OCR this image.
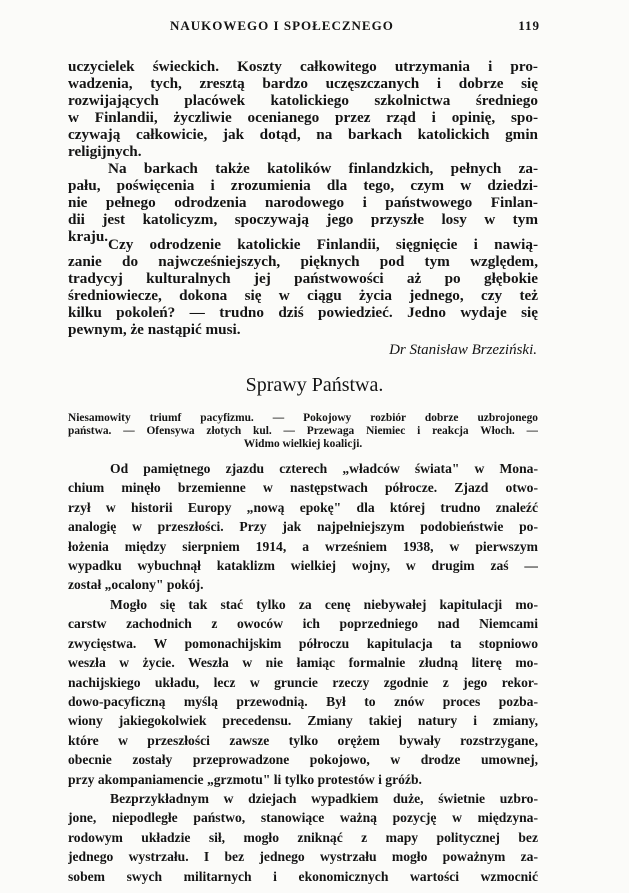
NAUKOWEGO I SPOŁECZNEGO	119
uczycielek świeckich. Koszty całkowitego utrzymania i pro-
wadzenia, tych, zresztą bardzo uczęszczanych i dobrze się
rozwijających placówek katolickiego szkolnictwa średniego
w Finlandii, życzliwie ocenianego przez rząd i opinię, spo-
czywają całkowicie, jak dotąd, na barkach katolickich gmin
religijnych.
Na barkach także katolików finlandzkich, pełnych za-
pału, poświęcenia i zrozumienia dla tego, czym w dziedzi-
nie pełnego odrodzenia narodowego i państwowego Finlan-
dii jest katolicyzm, spoczywają jego przyszłe losy w tym
kraju. Czy odrodzenie katolickie Finlandii, sięgnięcie i nawią-
zanie do najwcześniejszych, pięknych pod tym względem,
tradycyj kulturalnych jej państwowości aż po głębokie
średniowiecze, dokona się w ciągu życia jednego, czy też
kilku pokoleń? — trudno dziś powiedzieć. Jedno wydaje się
pewnym, że nastąpić musi.
Dr Stanisław Brzeziński.
Sprawy Państwa.
Niesamowity triumf pacyfizmu. — Pokojowy rozbiór dobrze uzbrojonego
państwa. — Ofensywa złotych kul. — Przewaga Niemiec i reakcja Włoch. —
Widmo wielkiej koalicji.
Od pamiętnego zjazdu czterech „władców świata" w Mona-
chium minęło brzemienne w następstwach półrocze. Zjazd otwo-
rzył w historii Europy „nową epokę" dla której trudno znaleźć
analogię w przeszłości. Przy jak najpełniejszym podobieństwie po-
łożenia między sierpniem 1914, a wrześniem 1938, w pierwszym
wypadku wybuchnął kataklizm wielkiej wojny, w drugim zaś —
został „ocalony" pokój.
Mogło się tak stać tylko za cenę niebywałej kapitulacji mo-
carstw zachodnich z owoców ich poprzedniego nad Niemcami
zwycięstwa. W pomonachijskim półroczu kapitulacja ta stopniowo
weszła w życie. Weszła w nie łamiąc formalnie złudną literę mo-
nachijskiego układu, lecz w gruncie rzeczy zgodnie z jego rekor-
dowo-pacyficzną myślą przewodnią. Był to znów proces pozba-
wiony jakiegokolwiek precedensu. Zmiany takiej natury i zmiany,
które w przeszłości zawsze tylko orężem bywały rozstrzygane,
obecnie zostały przeprowadzone pokojowo, w drodze umownej,
przy akompaniamencie „grzmotu" li tylko protestów i gróźb.
Bezprzykładnym w dziejach wypadkiem duże, świetnie uzbro-
jone, niepodległe państwo, stanowiące ważną pozycję w międzyna-
rodowym układzie sił, mogło zniknąć z mapy politycznej bez
jednego wystrzału. I bez jednego wystrzału mogło poważnym za-
sobem swych militarnych i ekonomicznych wartości wzmocnić
